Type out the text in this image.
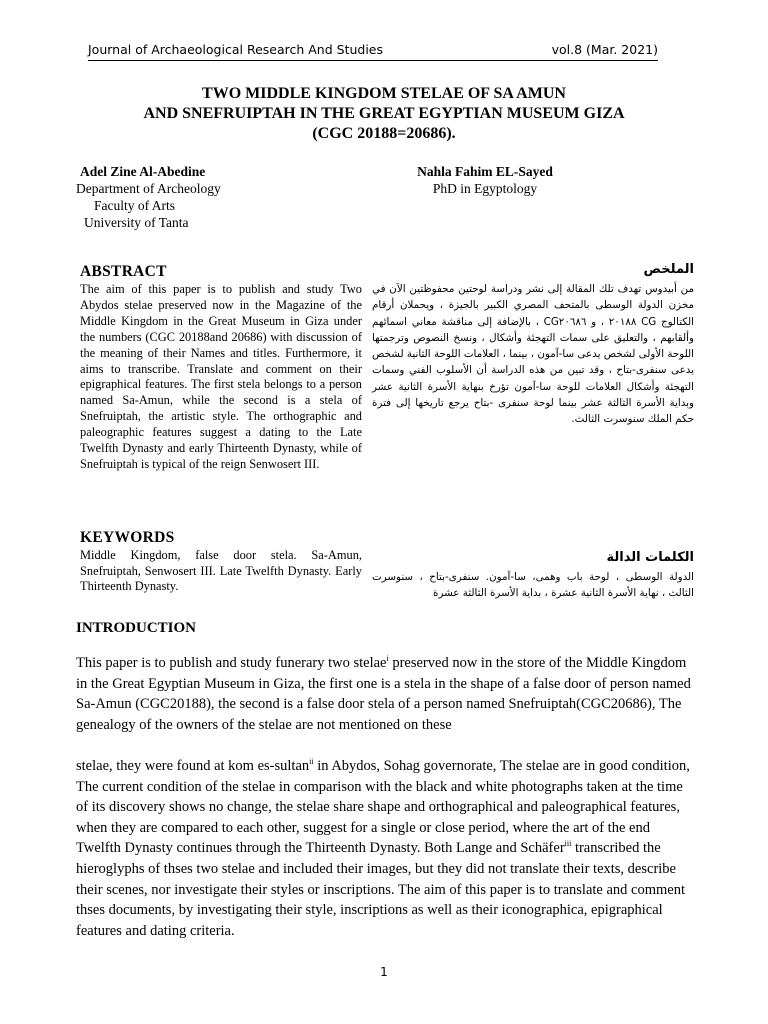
Journal of Archaeological Research And Studies	vol.8 (Mar. 2021)
TWO MIDDLE KINGDOM STELAE OF SA AMUN
AND SNEFRUIPTAH IN THE GREAT EGYPTIAN MUSEUM GIZA
(CGC 20188=20686).
Adel Zine Al-Abedine
Department of Archeology
Faculty of Arts
University of Tanta
Nahla Fahim EL-Sayed
PhD in Egyptology
ABSTRACT
The aim of this paper is to publish and study Two Abydos stelae preserved now in the Magazine of the Middle Kingdom in the Great Museum in Giza under the numbers (CGC 20188and 20686) with discussion of the meaning of their Names and titles. Furthermore, it aims to transcribe. Translate and comment on their epigraphical features. The first stela belongs to a person named Sa-Amun, while the second is a stela of Snefruiptah, the artistic style. The orthographic and paleographic features suggest a dating to the Late Twelfth Dynasty and early Thirteenth Dynasty, while of Snefruiptah is typical of the reign Senwosert III.
الملخص
من أبيدوس تهدف تلك المقالة إلى نشر ودراسة لوحتين محفوظتين الآن في مخزن الدولة الوسطى بالمتحف المصري الكبير بالجيزة ، ويحملان أرقام الكتالوج CG ٢٠١٨٨ ، و CG٢٠٦٨٦ ، بالإضافة إلى مناقشة معاني اسمائهم وألقابهم ، والتعليق على سمات التهجئة وأشكال ، ونسخ النصوص وترجمتها اللوحة الأولى لشخص يدعى سا-آمون ، بينما ، العلامات اللوحة الثانية لشخص يدعى سنفرى-بتاح ، وقد تبين من هذه الدراسة أن الأسلوب الفني وسمات التهجئة وأشكال العلامات للوحة سا-آمون تؤرخ بنهاية الأسرة الثانية عشر وبداية الأسرة الثالثة عشر بينما لوحة سنفرى -بتاح يرجع تاريخها إلى فترة حكم الملك سنوسرت الثالث.
KEYWORDS
Middle Kingdom, false door stela. Sa-Amun, Snefruiptah, Senwosert III. Late Twelfth Dynasty. Early Thirteenth Dynasty.
الكلمات الدالة
الدولة الوسطى ، لوحة باب وهمى، سا-آمون. سنفرى-بتاح ، سنوسرت الثالث ، نهاية الأسرة الثانية عشرة ، بداية الأسرة الثالثة عشرة
INTRODUCTION

This paper is to publish and study funerary two stelae$^i$ preserved now in the store of the Middle Kingdom in the Great Egyptian Museum in Giza, the first one is a stela in the shape of a false door of person named Sa-Amun (CGC20188), the second is a false door stela of a person named Snefruiptah(CGC20686), The genealogy of the owners of the stelae are not mentioned on these

stelae, they were found at kom es-sultan$^{ii}$ in Abydos, Sohag governorate, The stelae are in good condition, The current condition of the stelae in comparison with the black and white photographs taken at the time of its discovery shows no change, the stelae share shape and orthographical and paleographical features, when they are compared to each other, suggest for a single or close period, where the art of the end Twelfth Dynasty continues through the Thirteenth Dynasty. Both Lange and Schäfer$^{iii}$ transcribed the hieroglyphs of thses two stelae and included their images, but they did not translate their texts, describe their scenes, nor investigate their styles or inscriptions. The aim of this paper is to translate and comment thses documents, by investigating their style, inscriptions as well as their iconographica, epigraphical features and dating criteria.

1
